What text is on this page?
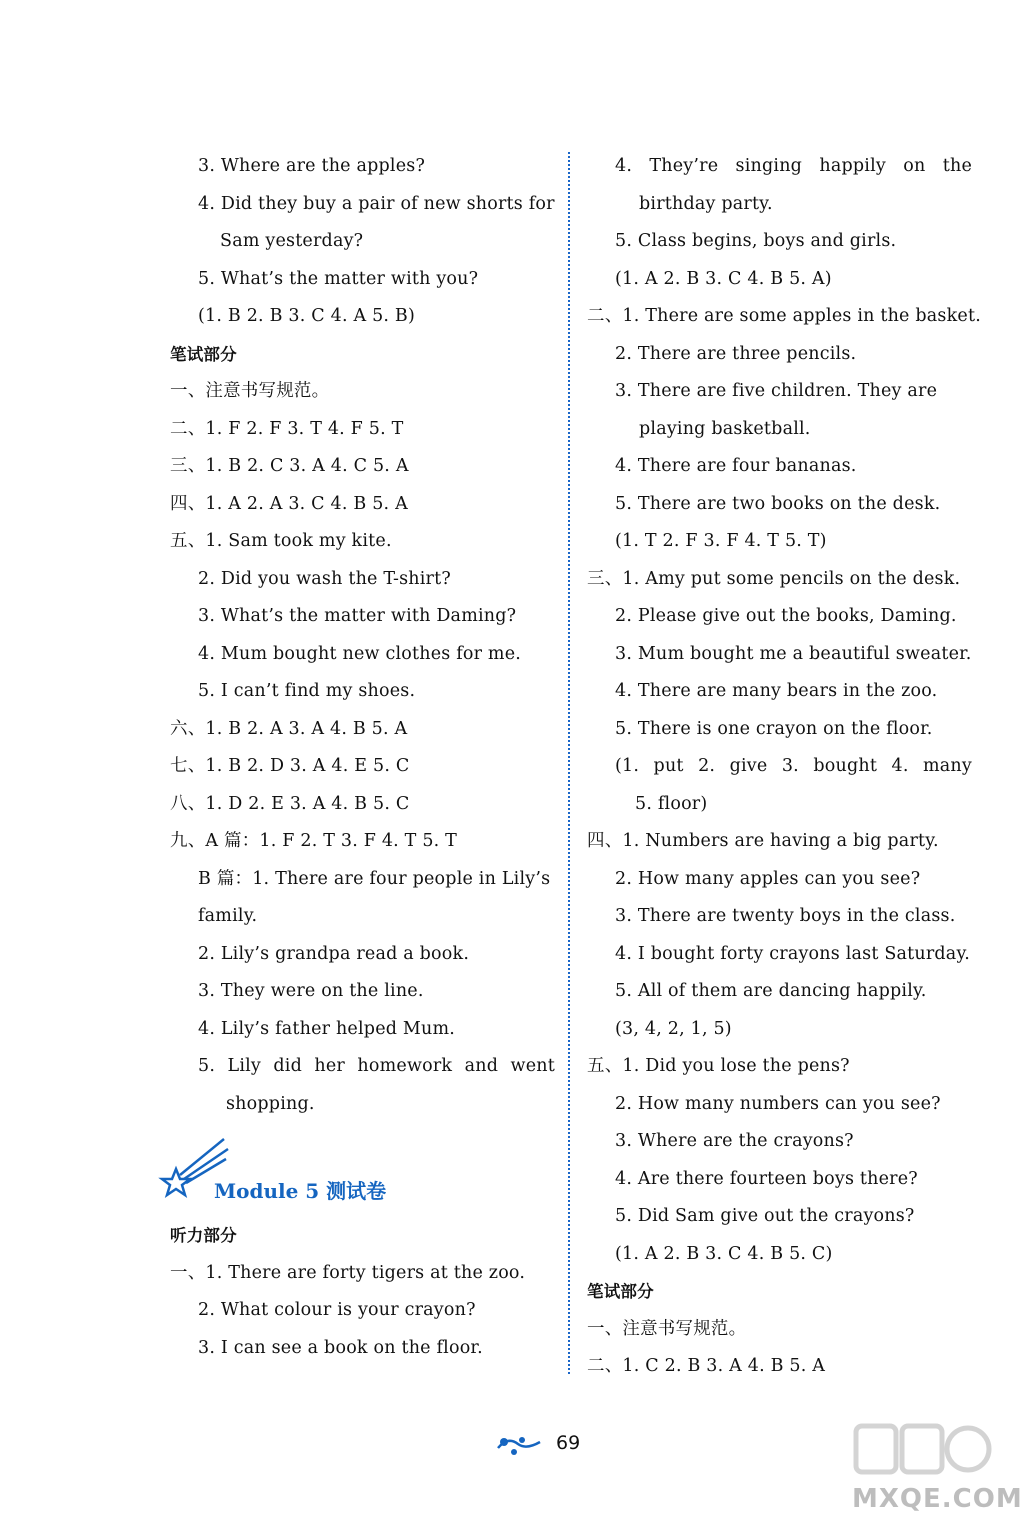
3. Where are the apples?
4. Did they buy a pair of new shorts for
Sam yesterday?
5. What’s the matter with you?
(1. B 2. B 3. C 4. A 5. B)
笔试部分
一、注意书写规范。
二、1. F 2. F 3. T 4. F 5. T
三、1. B 2. C 3. A 4. C 5. A
四、1. A 2. A 3. C 4. B 5. A
五、1. Sam took my kite.
2. Did you wash the T-shirt?
3. What’s the matter with Daming?
4. Mum bought new clothes for me.
5. I can’t find my shoes.
六、1. B 2. A 3. A 4. B 5. A
七、1. B 2. D 3. A 4. E 5. C
八、1. D 2. E 3. A 4. B 5. C
九、A 篇：1. F 2. T 3. F 4. T 5. T
B 篇：1. There are four people in Lily’s
family.
2. Lily’s grandpa read a book.
3. They were on the line.
4. Lily’s father helped Mum.
5. Lily did her homework and went
shopping.
Module 5 测试卷
听力部分
一、1. There are forty tigers at the zoo.
2. What colour is your crayon?
3. I can see a book on the floor.
4. They’re singing happily on the
birthday party.
5. Class begins, boys and girls.
(1. A 2. B 3. C 4. B 5. A)
二、1. There are some apples in the basket.
2. There are three pencils.
3. There are five children. They are
playing basketball.
4. There are four bananas.
5. There are two books on the desk.
(1. T 2. F 3. F 4. T 5. T)
三、1. Amy put some pencils on the desk.
2. Please give out the books, Daming.
3. Mum bought me a beautiful sweater.
4. There are many bears in the zoo.
5. There is one crayon on the floor.
(1. put 2. give 3. bought 4. many
5. floor)
四、1. Numbers are having a big party.
2. How many apples can you see?
3. There are twenty boys in the class.
4. I bought forty crayons last Saturday.
5. All of them are dancing happily.
(3, 4, 2, 1, 5)
五、1. Did you lose the pens?
2. How many numbers can you see?
3. Where are the crayons?
4. Are there fourteen boys there?
5. Did Sam give out the crayons?
(1. A 2. B 3. C 4. B 5. C)
笔试部分
一、注意书写规范。
二、1. C 2. B 3. A 4. B 5. A
69
MXQE.COM
